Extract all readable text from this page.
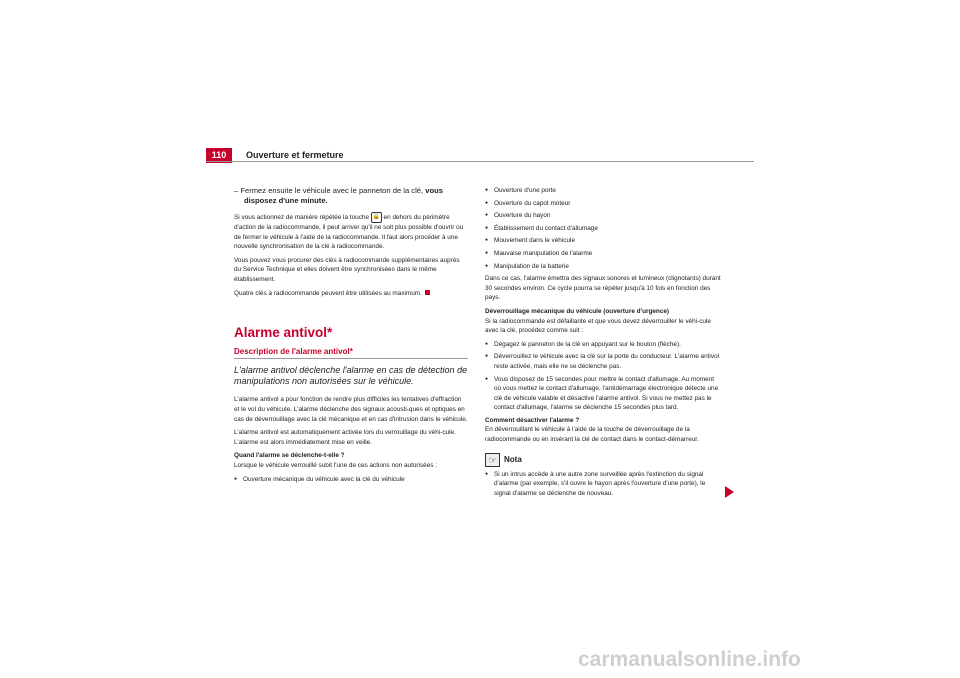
110	Ouverture et fermeture

– Fermez ensuite le véhicule avec le panneton de la clé, vous disposez d'une minute.

Si vous actionnez de manière répétée la touche 🔓 en dehors du périmètre d'action de la radiocommande, il peut arriver qu'il ne soit plus possible d'ouvrir ou de fermer le véhicule à l'aide de la radiocommande. Il faut alors procéder à une nouvelle synchronisation de la clé à radiocommande.

Vous pouvez vous procurer des clés à radiocommande supplémentaires auprès du Service Technique et elles doivent être synchronisées dans le même établissement.

Quatre clés à radiocommande peuvent être utilisées au maximum.

Alarme antivol*
Description de l'alarme antivol*

L'alarme antivol déclenche l'alarme en cas de détection de manipulations non autorisées sur le véhicule.

L'alarme antivol a pour fonction de rendre plus difficiles les tentatives d'effraction et le vol du véhicule. L'alarme déclenche des signaux acousti-ques et optiques en cas de déverrouillage avec la clé mécanique et en cas d'intrusion dans le véhicule.

L'alarme antivol est automatiquement activée lors du verrouillage du véhi-cule. L'alarme est alors immédiatement mise en veille.

Quand l'alarme se déclenche-t-elle ?

Lorsque le véhicule verrouillé subit l'une de ces actions non autorisées :

● Ouverture mécanique du véhicule avec la clé du véhicule

● Ouverture d'une porte

● Ouverture du capot moteur

● Ouverture du hayon

● Établissement du contact d'allumage

● Mouvement dans le véhicule

● Mauvaise manipulation de l'alarme

● Manipulation de la batterie

Dans ce cas, l'alarme émettra des signaux sonores et lumineux (clignotants) durant 30 secondes environ. Ce cycle pourra se répéter jusqu'à 10 fois en fonction des pays.

Déverrouillage mécanique du véhicule (ouverture d'urgence)

Si la radiocommande est défaillante et que vous devez déverrouiller le véhi-cule avec la clé, procédez comme suit :

● Dégagez le panneton de la clé en appuyant sur le bouton (flèche).

● Déverrouillez le véhicule avec la clé sur la porte du conducteur. L'alarme antivol reste activée, mais elle ne se déclenche pas.

● Vous disposez de 15 secondes pour mettre le contact d'allumage. Au moment où vous mettez le contact d'allumage, l'antidémarrage électronique détecte une clé de véhicule valable et désactive l'alarme antivol. Si vous ne mettez pas le contact d'allumage, l'alarme se déclenche 15 secondes plus tard.

Comment désactiver l'alarme ?

En déverrouillant le véhicule à l'aide de la touche de déverrouillage de la radiocommande ou en insérant la clé de contact dans le contact-démarreur.

☞ Nota

● Si un intrus accède à une autre zone surveillée après l'extinction du signal d'alarme (par exemple, s'il ouvre le hayon après l'ouverture d'une porte), le signal d'alarme se déclenche de nouveau.

carmanualsonline.info
